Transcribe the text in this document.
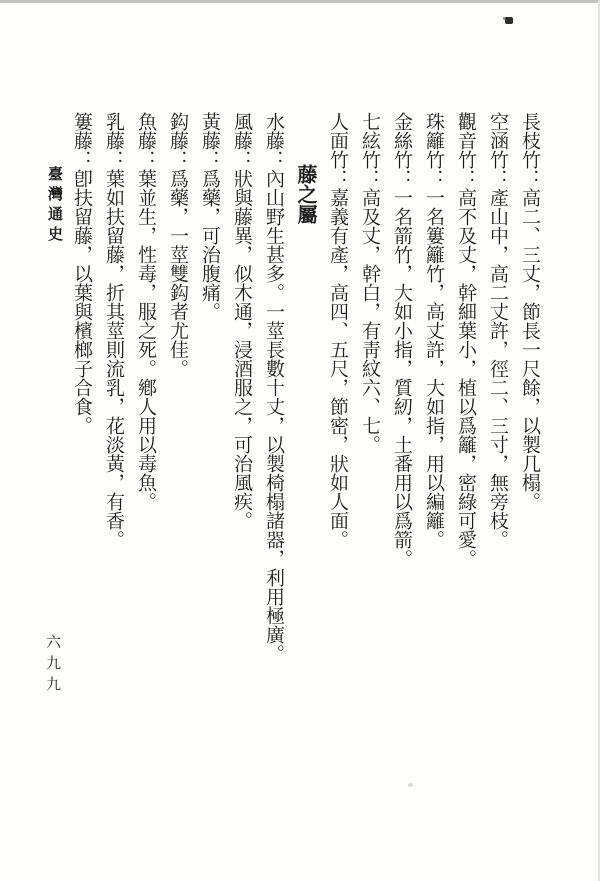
長枝竹：高二、三丈，節長一尺餘，以製几榻。
空涵竹：產山中，高二丈許，徑二、三寸，無旁枝。
觀音竹：高不及丈，幹細葉小，植以爲籬，密綠可愛。
珠籬竹：一名簍籬竹，高丈許，大如指，用以編籬。
金絲竹：一名箭竹，大如小指，質紉，土番用以爲箭。
七絃竹：高及丈，幹白，有靑紋六、七。
人面竹：嘉義有產，高四、五尺，節密，狀如人面。
藤之屬
水藤：內山野生甚多。一莖長數十丈，以製椅榻諸器，利用極廣。
風藤：狀與藤異，似木通，浸酒服之，可治風疾。
黃藤：爲藥，可治腹痛。
鈎藤：爲藥，一莖雙鈎者尤佳。
魚藤：葉並生，性毒，服之死。鄕人用以毒魚。
乳藤：葉如扶留藤，折其莖則流乳，花淡黃，有香。
簍藤：卽扶留藤，以葉與檳榔子合食。
臺灣通史
六九九
